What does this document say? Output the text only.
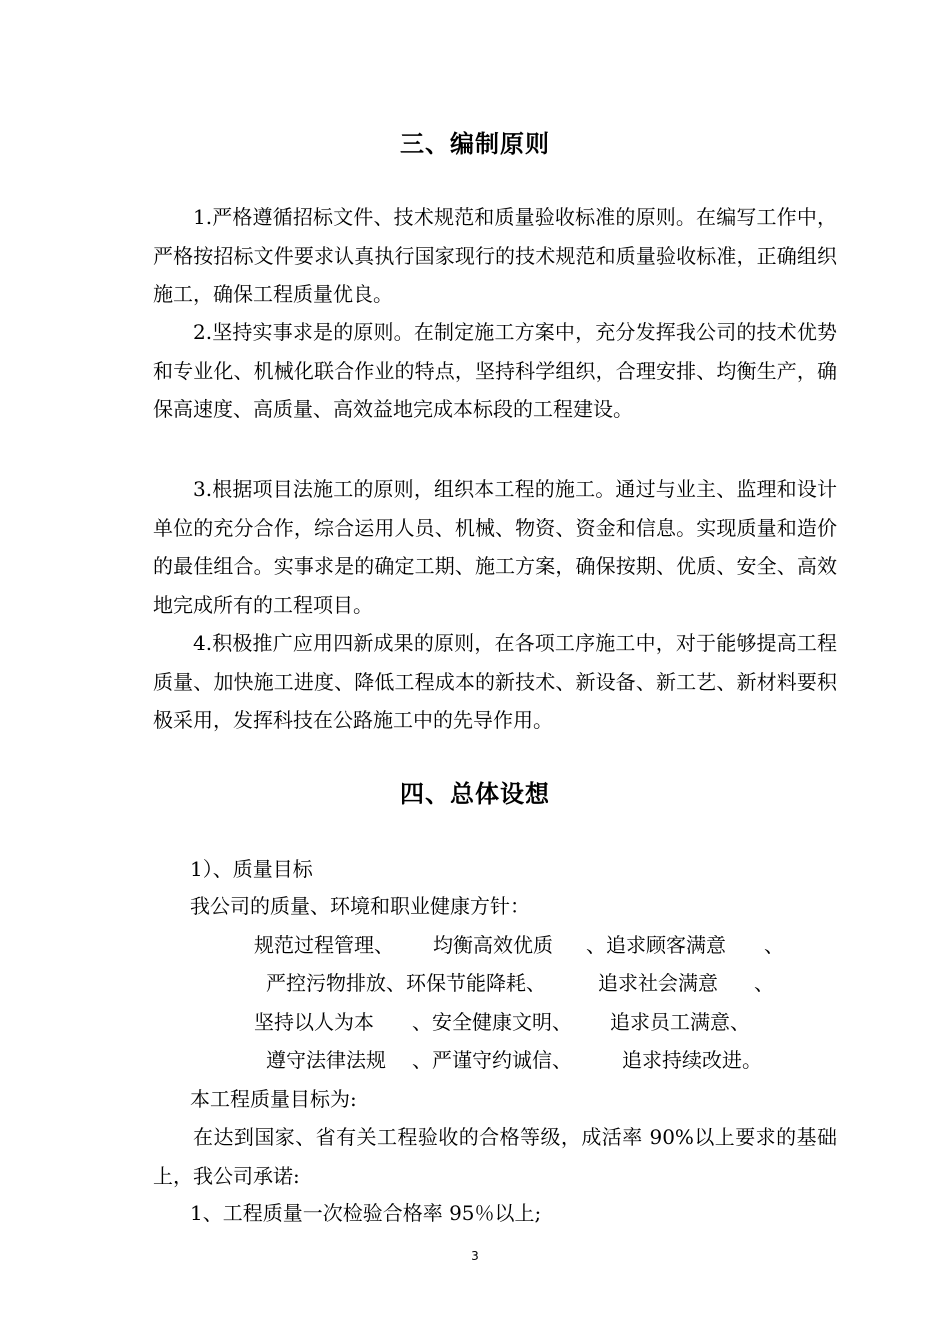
三、编制原则

1.严格遵循招标文件、技术规范和质量验收标准的原则。在编写工作中，严格按招标文件要求认真执行国家现行的技术规范和质量验收标准，正确组织施工，确保工程质量优良。

2.坚持实事求是的原则。在制定施工方案中，充分发挥我公司的技术优势和专业化、机械化联合作业的特点，坚持科学组织，合理安排、均衡生产，确保高速度、高质量、高效益地完成本标段的工程建设。

3.根据项目法施工的原则，组织本工程的施工。通过与业主、监理和设计单位的充分合作，综合运用人员、机械、物资、资金和信息。实现质量和造价的最佳组合。实事求是的确定工期、施工方案，确保按期、优质、安全、高效地完成所有的工程项目。

4.积极推广应用四新成果的原则，在各项工序施工中，对于能够提高工程质量、加快施工进度、降低工程成本的新技术、新设备、新工艺、新材料要积极采用，发挥科技在公路施工中的先导作用。

四、总体设想

1）、质量目标

我公司的质量、环境和职业健康方针：

规范过程管理、 均衡高效优质 、追求顾客满意 、
严控污物排放、环保节能降耗、	追求社会满意 、
坚持以人为本 、安全健康文明、 追求员工满意、
遵守法律法规 、严谨守约诚信、	追求持续改进。

本工程质量目标为:

在达到国家、省有关工程验收的合格等级，成活率 90%以上要求的基础上，我公司承诺:

1、工程质量一次检验合格率 95％以上;

3
